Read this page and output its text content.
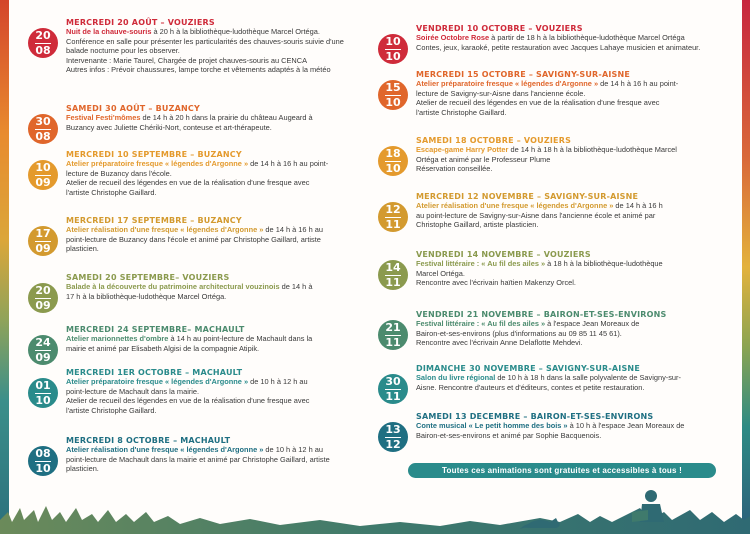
20
08
MERCREDI 20 AOÛT – VOUZIERS
Nuit de la chauve-souris à 20 h à la bibliothèque-ludothèque Marcel Ortéga.
Conférence en salle pour présenter les particularités des chauves-souris suivie d'une
balade nocturne pour les observer.
Intervenante : Marie Taurel, Chargée de projet chauves-souris au CENCA
Autres infos : Prévoir chaussures, lampe torche et vêtements adaptés à la météo
30
08
SAMEDI 30 AOÛT – BUZANCY
Festival Festi'mômes de 14 h à 20 h dans la prairie du château Augeard à
Buzancy avec Juliette Chériki-Nort, conteuse et art-thérapeute.
10
09
MERCREDI 10 SEPTEMBRE – BUZANCY
Atelier préparatoire fresque « légendes d'Argonne » de 14 h à 16 h au point-
lecture de Buzancy dans l'école.
Atelier de recueil des légendes en vue de la réalisation d'une fresque avec
l'artiste Christophe Gaillard.
17
09
MERCREDI 17 SEPTEMBRE – BUZANCY
Atelier réalisation d'une fresque « légendes d'Argonne » de 14 h à 16 h au
point-lecture de Buzancy dans l'école et animé par Christophe Gaillard, artiste
plasticien.
20
09
SAMEDI 20 SEPTEMBRE– VOUZIERS
Balade à la découverte du patrimoine architectural vouzinois de 14 h à
17 h à la bibliothèque-ludothèque Marcel Ortéga.
24
09
MERCREDI 24 SEPTEMBRE– MACHAULT
Atelier marionnettes d'ombre à 14 h au point-lecture de Machault dans la
mairie et animé par Elisabeth Algisi de la compagnie Atipik.
01
10
MERCREDI 1ER OCTOBRE – MACHAULT
Atelier préparatoire fresque « légendes d'Argonne » de 10 h à 12 h au
point-lecture de Machault dans la mairie.
Atelier de recueil des légendes en vue de la réalisation d'une fresque avec
l'artiste Christophe Gaillard.
08
10
MERCREDI 8 OCTOBRE – MACHAULT
Atelier réalisation d'une fresque « légendes d'Argonne » de 10 h à 12 h au
point-lecture de Machault dans la mairie et animé par Christophe Gaillard, artiste
plasticien.
10
10
VENDREDI 10 OCTOBRE – VOUZIERS
Soirée Octobre Rose à partir de 18 h à la bibliothèque-ludothèque Marcel Ortéga
Contes, jeux, karaoké, petite restauration avec Jacques Lahaye musicien et animateur.
15
10
MERCREDI 15 OCTOBRE – SAVIGNY-SUR-AISNE
Atelier préparatoire fresque « légendes d'Argonne » de 14 h à 16 h au point-
lecture de Savigny-sur-Aisne dans l'ancienne école.
Atelier de recueil des légendes en vue de la réalisation d'une fresque avec
l'artiste Christophe Gaillard.
18
10
SAMEDI 18 OCTOBRE – VOUZIERS
Escape-game Harry Potter de 14 h à 18 h à la bibliothèque-ludothèque Marcel
Ortéga et animé par le Professeur Plume
Réservation conseillée.
12
11
MERCREDI 12 NOVEMBRE – SAVIGNY-SUR-AISNE
Atelier réalisation d'une fresque « légendes d'Argonne » de 14 h à 16 h
au point-lecture de Savigny-sur-Aisne dans l'ancienne école et animé par
Christophe Gaillard, artiste plasticien.
14
11
VENDREDI 14 NOVEMBRE – VOUZIERS
Festival littéraire : « Au fil des ailes » à 18 h à la bibliothèque-ludothèque
Marcel Ortéga.
Rencontre avec l'écrivain haïtien Makenzy Orcel.
21
11
VENDREDI 21 NOVEMBRE – BAIRON-ET-SES-ENVIRONS
Festival littéraire : « Au fil des ailes » à l'espace Jean Moreaux de
Bairon-et-ses-environs (plus d'informations au 09 85 11 45 61).
Rencontre avec l'écrivain Anne Delaflotte Mehdevi.
30
11
DIMANCHE 30 NOVEMBRE – SAVIGNY-SUR-AISNE
Salon du livre régional de 10 h à 18 h dans la salle polyvalente de Savigny-sur-
Aisne. Rencontre d'auteurs et d'éditeurs, contes et petite restauration.
13
12
SAMEDI 13 DECEMBRE – BAIRON-ET-SES-ENVIRONS
Conte musical « Le petit homme des bois » à 10 h à l'espace Jean Moreaux de
Bairon-et-ses-environs et animé par Sophie Bacquenois.
Toutes ces animations sont gratuites et accessibles à tous !
